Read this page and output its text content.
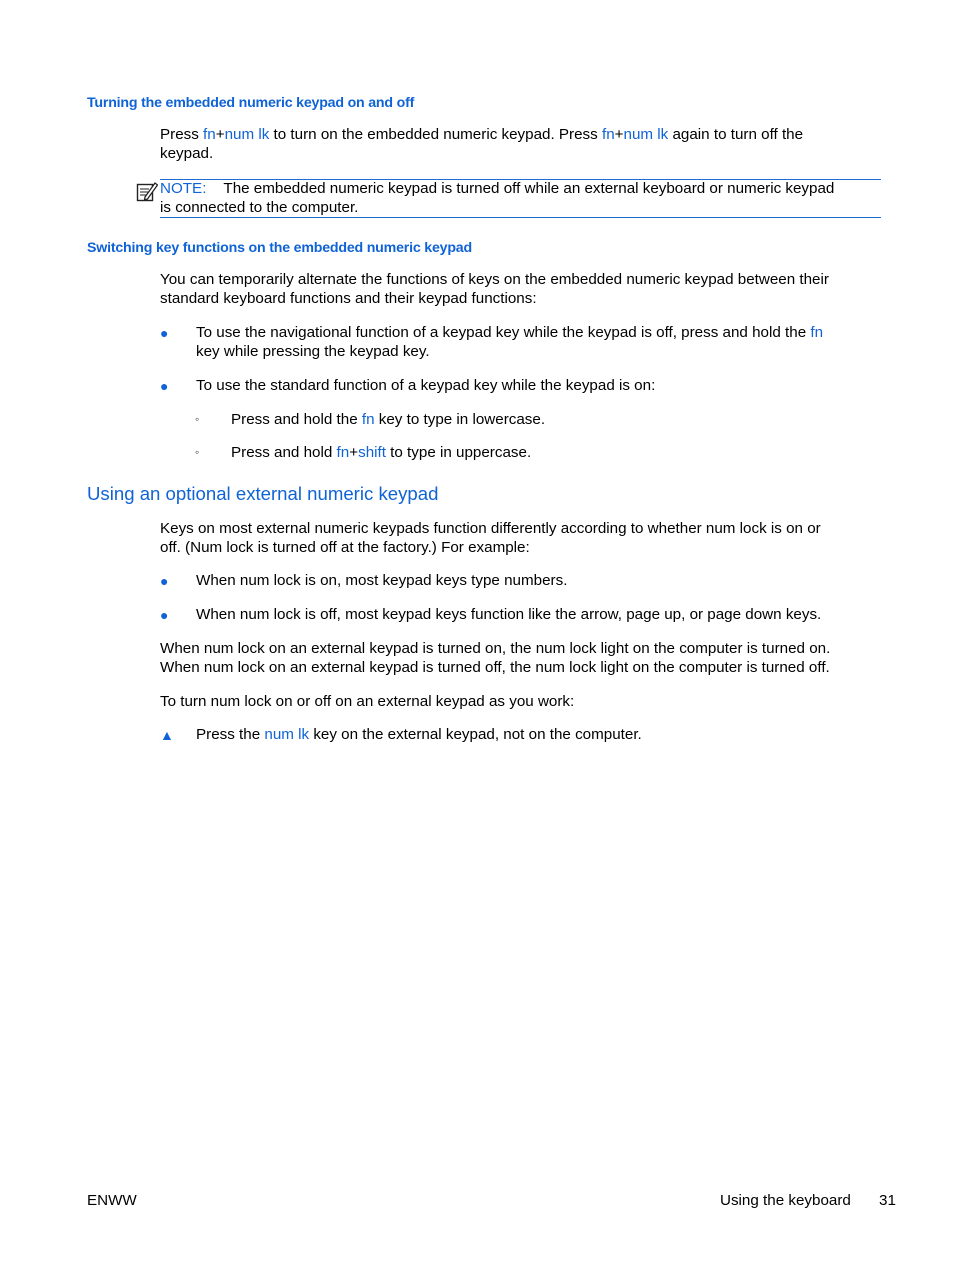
Turning the embedded numeric keypad on and off
Press fn+num lk to turn on the embedded numeric keypad. Press fn+num lk again to turn off the
keypad.
NOTE: The embedded numeric keypad is turned off while an external keyboard or numeric keypad
is connected to the computer.
Switching key functions on the embedded numeric keypad
You can temporarily alternate the functions of keys on the embedded numeric keypad between their
standard keyboard functions and their keypad functions:
●	To use the navigational function of a keypad key while the keypad is off, press and hold the fn
key while pressing the keypad key.
●	To use the standard function of a keypad key while the keypad is on:
◦ Press and hold the fn key to type in lowercase.
◦ Press and hold fn+shift to type in uppercase.
Using an optional external numeric keypad
Keys on most external numeric keypads function differently according to whether num lock is on or
off. (Num lock is turned off at the factory.) For example:
●	When num lock is on, most keypad keys type numbers.
●	When num lock is off, most keypad keys function like the arrow, page up, or page down keys.
When num lock on an external keypad is turned on, the num lock light on the computer is turned on.
When num lock on an external keypad is turned off, the num lock light on the computer is turned off.
To turn num lock on or off on an external keypad as you work:
▲ Press the num lk key on the external keypad, not on the computer.
ENWW	Using the keyboard 31
